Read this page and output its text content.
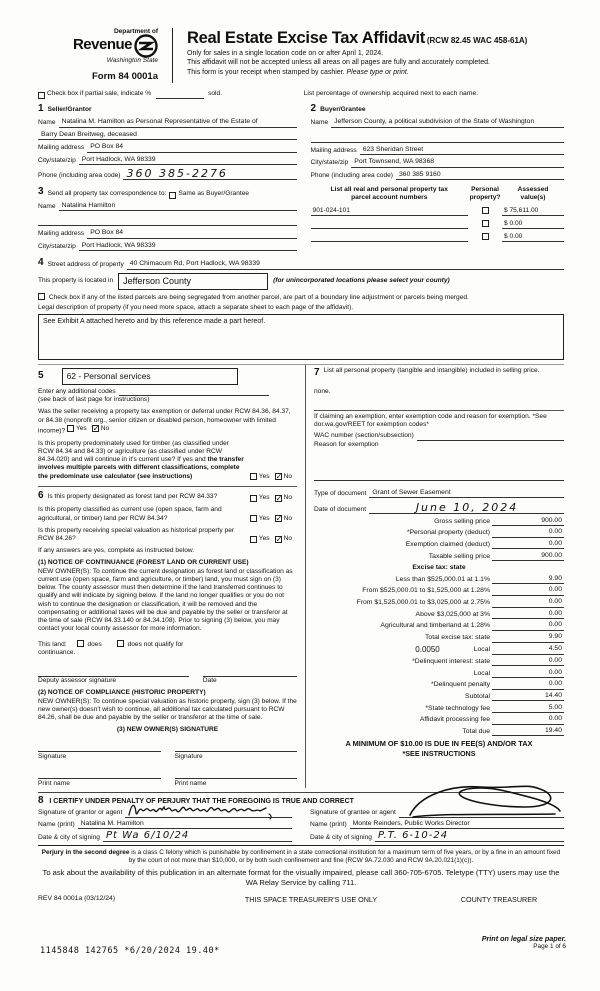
Department of
Revenue
Washington State
Form 84 0001a
Real Estate Excise Tax Affidavit (RCW 82.45 WAC 458-61A)
Only for sales in a single location code on or after April 1, 2024.
This affidavit will not be accepted unless all areas on all pages are fully and accurately completed.
This form is your receipt when stamped by cashier. Please type or print.
Check box if partial sale, indicate %	sold.	List percentage of ownership acquired next to each name.
1 Seller/Grantor
Name Natalina M. Hamilton as Personal Representative of the Estate of
Barry Dean Breitweg, deceased
Mailing address PO Box 84
City/state/zip Port Hadlock, WA 98339
Phone (including area code) 360 385-2276
2 Buyer/Grantee
Name Jefferson County, a political subdivision of the State of Washington
Mailing address 623 Sheridan Street
City/state/zip Port Townsend, WA 98368
Phone (including area code) 360 385 9160
3 Send all property tax correspondence to: Same as Buyer/Grantee
Name Natalina Hamilton
Mailing address PO Box 84
City/state/zip Port Hadlock, WA 98339
List all real and personal property tax
parcel account numbers
Personal
property?
Assessed
value(s)
901-024-101	$ 75,611.00
$ 0.00
$ 0.00
4 Street address of property 40 Chimacum Rd, Port Hadlock, WA 98339
This property is located in	Jefferson County	(for unincorporated locations please select your county)
Check box if any of the listed parcels are being segregated from another parcel, are part of a boundary line adjustment or parcels being merged.
Legal description of property (if you need more space, attach a separate sheet to each page of the affidavit).
See Exhibit A attached hereto and by this reference made a part hereof.
5	62 - Personal services
Enter any additional codes
(see back of last page for instructions)

Was the seller receiving a property tax exemption or deferral under RCW 84.36, 84.37, or 84.38 (nonprofit org., senior citizen or disabled person, homeowner with limited income)? Yes ✓ No

Is this property predominately used for timber (as classified under RCW 84.34 and 84.33) or agriculture (as classified under RCW 84.34.020) and will continue in it's current use? If yes and the transfer involves multiple parcels with different classifications, complete the predominate use calculator (see instructions)	Yes ✓ No

6 Is this property designated as forest land per RCW 84.33?	Yes ✓ No

Is this property classified as current use (open space, farm and agricultural, or timber) land per RCW 84.34?	Yes ✓ No

Is this property receiving special valuation as historical property per RCW 84.26?	Yes ✓ No

If any answers are yes, complete as instructed below.

(1) NOTICE OF CONTINUANCE (FOREST LAND OR CURRENT USE)

NEW OWNER(S): To continue the current designation as forest land or classification as current use (open space, farm and agriculture, or timber) land, you must sign on (3) below. The county assessor must then determine if the land transferred continues to qualify and will indicate by signing below. If the land no longer qualifies or you do not wish to continue the designation or classification, it will be removed and the compensating or additional taxes will be due and payable by the seller or transferor at the time of sale (RCW 84.33.140 or 84.34.108). Prior to signing (3) below, you may contact your local county assessor for more information.

This land:	does	does not qualify for
continuance.
Deputy assessor signature	Date

(2) NOTICE OF COMPLIANCE (HISTORIC PROPERTY)

NEW OWNER(S): To continue special valuation as historic property, sign (3) below. If the new owner(s) doesn't wish to continue, all additional tax calculated pursuant to RCW 84.26, shall be due and payable by the seller or transferor at the time of sale.

(3) NEW OWNER(S) SIGNATURE

Signature	Signature
Print name	Print name
7 List all personal property (tangible and intangible) included in selling price.
none.
If claiming an exemption, enter exemption code and reason for exemption. *See dor.wa.gov/REET for exemption codes*
WAC number (section/subsection)
Reason for exemption
Type of document Grant of Sewer Easement
Date of document	June 10, 2024
Gross selling price	900.00
*Personal property (deduct)	0.00
Exemption claimed (deduct)	0.00
Taxable selling price	900.00
Excise tax: state
Less than $525,000.01 at 1.1%	9.90
From $525,000.01 to $1,525,000 at 1.28%	0.00
From $1,525,000.01 to $3,025,000 at 2.75%	0.00
Above $3,025,000 at 3%	0.00
Agricultural and timberland at 1.28%	0.00
Total excise tax: state	9.90
0.0050	Local	4.50
*Delinquent interest: state	0.00
Local	0.00
*Delinquent penalty	0.00
Subtotal	14.40
*State technology fee	5.00
Affidavit processing fee	0.00
Total due	19.40
A MINIMUM OF $10.00 IS DUE IN FEE(S) AND/OR TAX
*SEE INSTRUCTIONS
8 I CERTIFY UNDER PENALTY OF PERJURY THAT THE FOREGOING IS TRUE AND CORRECT
Signature of grantor or agent
Name (print) Natalina M. Hamilton
Date & city of signing Pt Wa 6/10/24
Signature of grantee or agent
Name (print) Monte Reinders, Public Works Director
Date & city of signing P.T. 6-10-24
Perjury in the second degree is a class C felony which is punishable by confinement in a state correctional institution for a maximum term of five years, or by a fine in an amount fixed by the court of not more than $10,000, or by both such confinement and fine (RCW 9A.72.030 and RCW 9A.20.021(1)(c)).
To ask about the availability of this publication in an alternate format for the visually impaired, please call 360-705-6705. Teletype (TTY) users may use the WA Relay Service by calling 711.
REV 84 0001a (03/12/24)	THIS SPACE TREASURER'S USE ONLY	COUNTY TREASURER
1145848 142765 *6/20/2024 19.40*
Print on legal size paper.
Page 1 of 6
